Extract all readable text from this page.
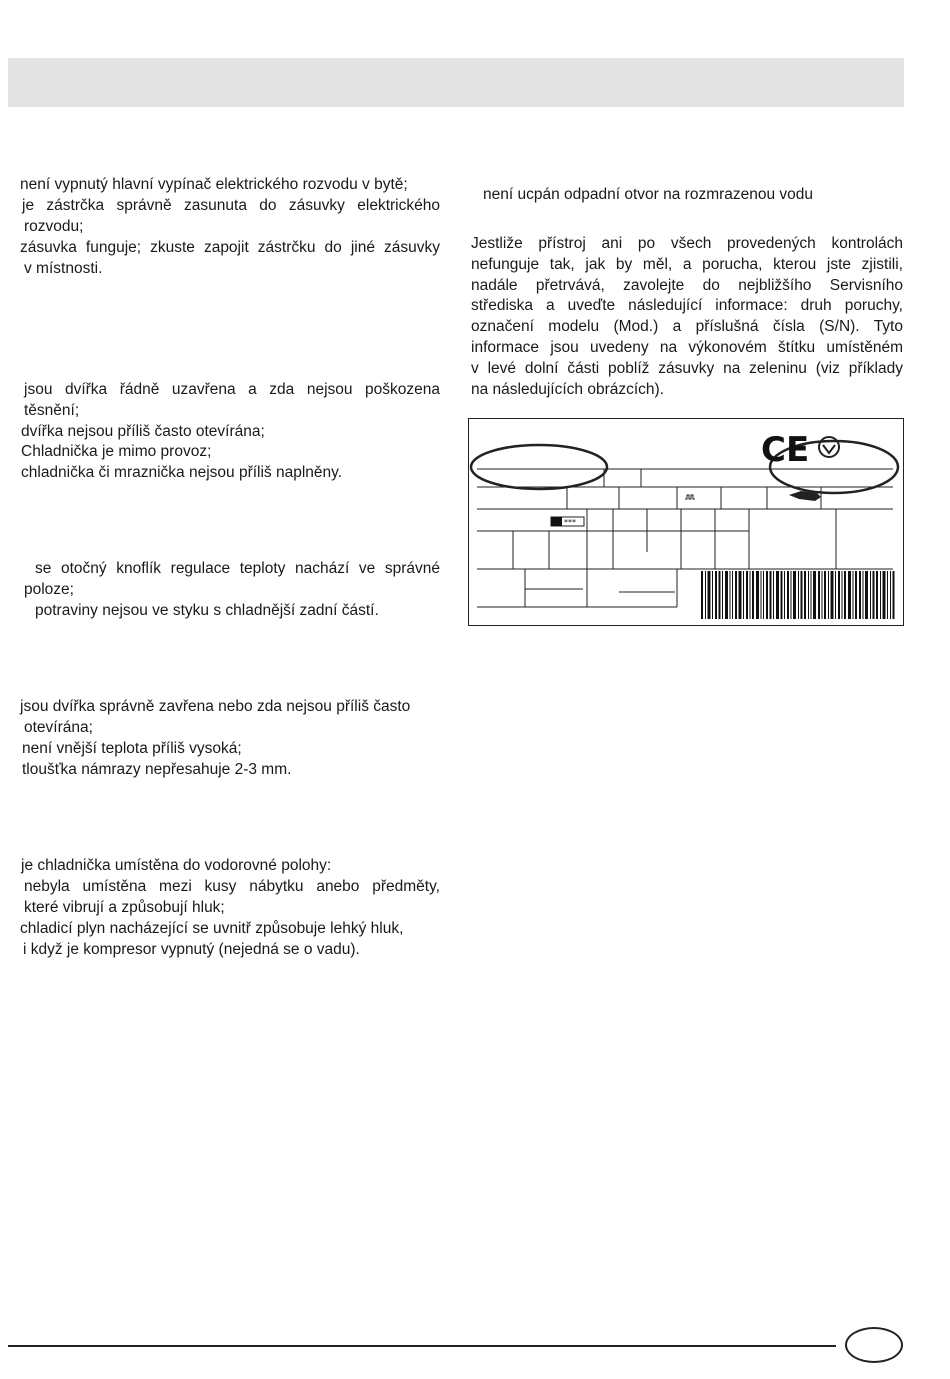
není vypnutý hlavní vypínač elektrického rozvodu v bytě;
je zástrčka správně zasunuta do zásuvky elektrického
rozvodu;
zásuvka funguje; zkuste zapojit zástrčku do jiné zásuvky
v místnosti.
jsou dvířka řádně uzavřena a zda nejsou poškozena
těsnění;
dvířka nejsou příliš často otevírána;
Chladnička je mimo provoz;
chladnička či mraznička nejsou příliš naplněny.
se otočný knoflík regulace teploty nachází ve správné
poloze;
potraviny nejsou ve styku s chladnější zadní částí.
jsou dvířka správně zavřena nebo zda nejsou příliš často
otevírána;
není vnější teplota příliš vysoká;
tloušťka námrazy nepřesahuje 2-3 mm.
je chladnička umístěna do vodorovné polohy:
nebyla umístěna mezi kusy nábytku anebo předměty,
které vibrují a způsobují hluk;
chladicí plyn nacházející se uvnitř způsobuje lehký hluk,
i když je kompresor vypnutý (nejedná se o vadu).
není ucpán odpadní otvor na rozmrazenou vodu
Jestliže přístroj ani po všech provedených kontrolách
nefunguje tak, jak by měl, a porucha, kterou jste zjistili,
nadále přetrvává, zavolejte do nejbližšího Servisního
střediska a uveďte následující informace: druh poruchy,
označení modelu (Mod.) a příslušná čísla (S/N). Tyto
informace jsou uvedeny na výkonovém štítku umístěném
v levé dolní části poblíž zásuvky na zeleninu (viz příklady
na následujících obrázcích).
CE
***
